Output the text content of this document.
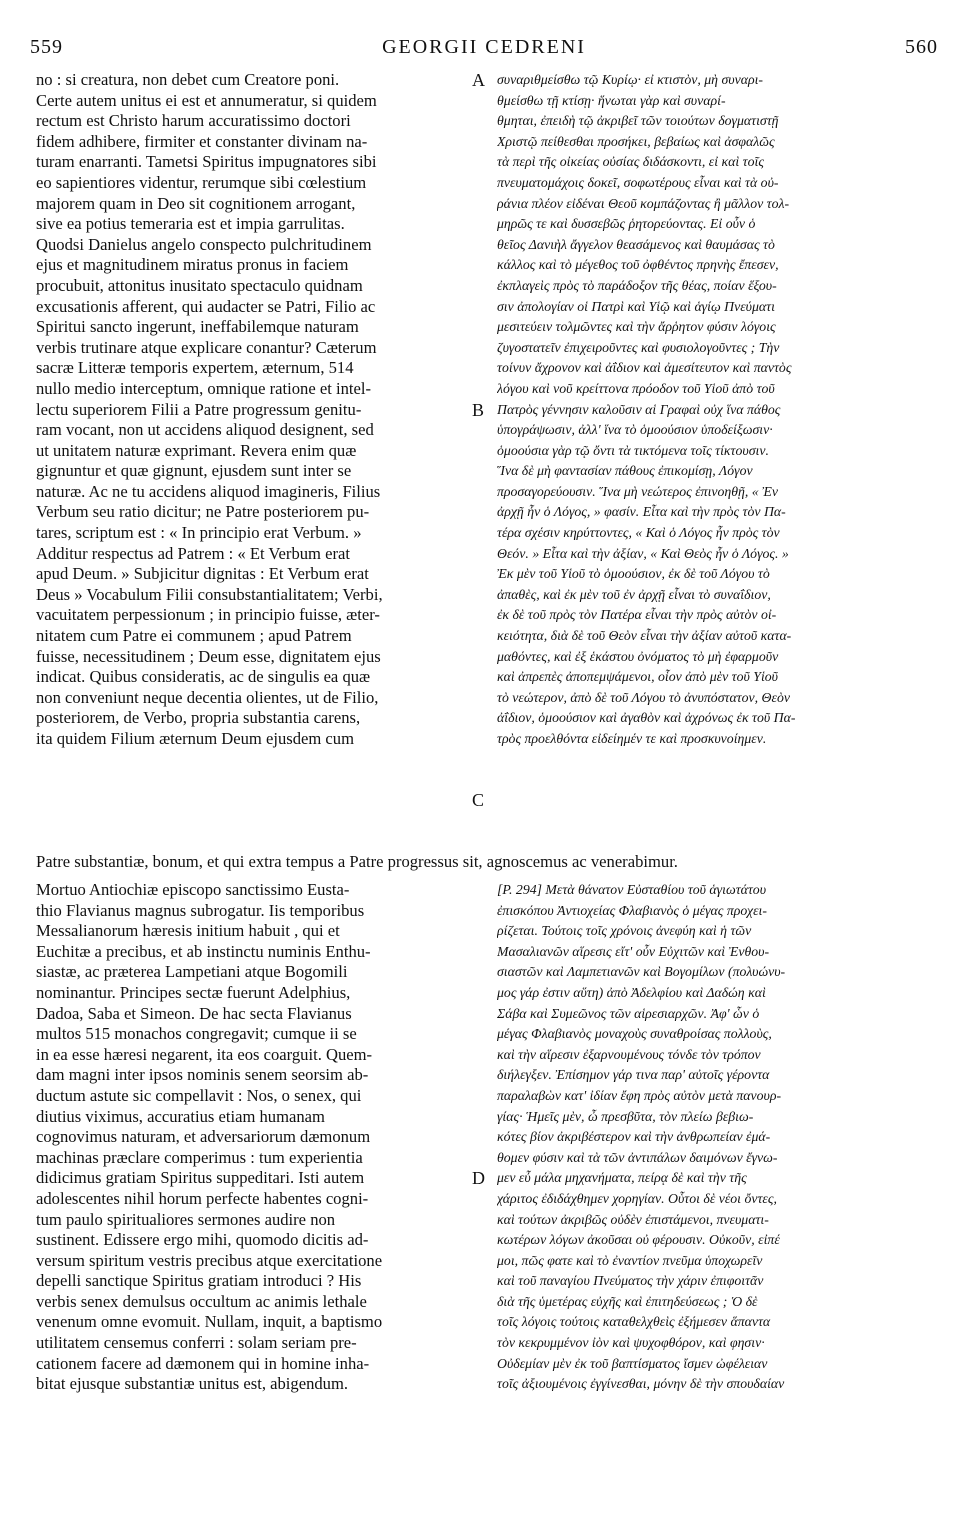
559	GEORGII CEDRENI	560
A
B
C
D
no : si creatura, non debet cum Creatore poni.
Certe autem unitus ei est et annumeratur, si quidem
rectum est Christo harum accuratissimo doctori
fidem adhibere, firmiter et constanter divinam na-
turam enarranti. Tametsi Spiritus impugnatores sibi
eo sapientiores videntur, rerumque sibi cœlestium
majorem quam in Deo sit cognitionem arrogant,
sive ea potius temeraria est et impia garrulitas.
Quodsi Danielus angelo conspecto pulchritudinem
ejus et magnitudinem miratus pronus in faciem
procubuit, attonitus inusitato spectaculo quidnam
excusationis afferent, qui audacter se Patri, Filio ac
Spiritui sancto ingerunt, ineffabilemque naturam
verbis trutinare atque explicare conantur? Cæterum
sacræ Litteræ temporis expertem, æternum, 514
nullo medio interceptum, omnique ratione et intel-
lectu superiorem Filii a Patre progressum genitu-
ram vocant, non ut accidens aliquod designent, sed
ut unitatem naturæ exprimant. Revera enim quæ
gignuntur et quæ gignunt, ejusdem sunt inter se
naturæ. Ac ne tu accidens aliquod imagineris, Filius
Verbum seu ratio dicitur; ne Patre posteriorem pu-
tares, scriptum est : « In principio erat Verbum. »
Additur respectus ad Patrem : « Et Verbum erat
apud Deum. » Subjicitur dignitas : Et Verbum erat
Deus » Vocabulum Filii consubstantialitatem; Verbi,
vacuitatem perpessionum ; in principio fuisse, æter-
nitatem cum Patre ei communem ; apud Patrem
fuisse, necessitudinem ; Deum esse, dignitatem ejus
indicat. Quibus consideratis, ac de singulis ea quæ
non conveniunt neque decentia olientes, ut de Filio,
posteriorem, de Verbo, propria substantia carens,
ita quidem Filium æternum Deum ejusdem cum
συναριθμείσθω τῷ Κυρίῳ· εἰ κτιστὸν, μὴ συναρι-
θμείσθω τῇ κτίσῃ· ἥνωται γὰρ καὶ συναρί-
θμηται, ἐπειδὴ τῷ ἀκριβεῖ τῶν τοιούτων δογματιστῇ
Χριστῷ πείθεσθαι προσήκει, βεβαίως καὶ ἀσφαλῶς
τὰ περὶ τῆς οἰκείας οὐσίας διδάσκοντι, εἰ καὶ τοῖς
πνευματομάχοις δοκεῖ, σοφωτέρους εἶναι καὶ τὰ οὐ-
ράνια πλέον εἰδέναι Θεοῦ κομπάζοντας ἢ μᾶλλον τολ-
μηρῶς τε καὶ δυσσεβῶς ῥητορεύοντας. Εἰ οὖν ὁ
θεῖος Δανιὴλ ἄγγελον θεασάμενος καὶ θαυμάσας τὸ
κάλλος καὶ τὸ μέγεθος τοῦ ὀφθέντος πρηνὴς ἔπεσεν,
ἐκπλαγεὶς πρὸς τὸ παράδοξον τῆς θέας, ποίαν ἕξου-
σιν ἀπολογίαν οἱ Πατρὶ καὶ Υἱῷ καὶ ἁγίῳ Πνεύματι
μεσιτεύειν τολμῶντες καὶ τὴν ἄρῥητον φύσιν λόγοις
ζυγοστατεῖν ἐπιχειροῦντες καὶ φυσιολογοῦντες ; Τὴν
τοίνυν ἄχρονον καὶ ἀΐδιον καὶ ἀμεσίτευτον καὶ παντὸς
λόγου καὶ νοῦ κρείττονα πρόοδον τοῦ Υἱοῦ ἀπὸ τοῦ
Πατρὸς γέννησιν καλοῦσιν αἱ Γραφαὶ οὐχ ἵνα πάθος
ὑπογράψωσιν, ἀλλ' ἵνα τὸ ὁμοούσιον ὑποδείξωσιν·
ὁμοούσια γὰρ τῷ ὄντι τὰ τικτόμενα τοῖς τίκτουσιν.
Ἵνα δὲ μὴ φαντασίαν πάθους ἐπικομίσῃ, Λόγον
προσαγορεύουσιν. Ἵνα μὴ νεώτερος ἐπινοηθῇ, « Ἐν
ἀρχῇ ἦν ὁ Λόγος, » φασίν. Εἶτα καὶ τὴν πρὸς τὸν Πα-
τέρα σχέσιν κηρύττοντες, « Καὶ ὁ Λόγος ἦν πρὸς τὸν
Θεόν. » Εἶτα καὶ τὴν ἀξίαν, « Καὶ Θεὸς ἦν ὁ Λόγος. »
Ἐκ μὲν τοῦ Υἱοῦ τὸ ὁμοούσιον, ἐκ δὲ τοῦ Λόγου τὸ
ἀπαθὲς, καὶ ἐκ μὲν τοῦ ἐν ἀρχῇ εἶναι τὸ συναΐδιον,
ἐκ δὲ τοῦ πρὸς τὸν Πατέρα εἶναι τὴν πρὸς αὐτὸν οἰ-
κειότητα, διὰ δὲ τοῦ Θεὸν εἶναι τὴν ἀξίαν αὐτοῦ κατα-
μαθόντες, καὶ ἐξ ἑκάστου ὀνόματος τὸ μὴ ἐφαρμοῦν
καὶ ἀπρεπὲς ἀποπεμψάμενοι, οἷον ἀπὸ μὲν τοῦ Υἱοῦ
τὸ νεώτερον, ἀπὸ δὲ τοῦ Λόγου τὸ ἀνυπόστατον, Θεὸν
ἀΐδιον, ὁμοούσιον καὶ ἀγαθὸν καὶ ἀχρόνως ἐκ τοῦ Πα-
τρὸς προελθόντα εἰδείημέν τε καὶ προσκυνοίημεν.
Patre substantiæ, bonum, et qui extra tempus a Patre progressus sit, agnoscemus ac venerabimur.
Mortuo Antiochiæ episcopo sanctissimo Eusta-
thio Flavianus magnus subrogatur. Iis temporibus
Messalianorum hæresis initium habuit , qui et
Euchitæ a precibus, et ab instinctu numinis Enthu-
siastæ, ac præterea Lampetiani atque Bogomili
nominantur. Principes sectæ fuerunt Adelphius,
Dadoa, Saba et Simeon. De hac secta Flavianus
multos 515 monachos congregavit; cumque ii se
in ea esse hæresi negarent, ita eos coarguit. Quem-
dam magni inter ipsos nominis senem seorsim ab-
ductum astute sic compellavit : Nos, o senex, qui
diutius viximus, accuratius etiam humanam
cognovimus naturam, et adversariorum dæmonum
machinas præclare comperimus : tum experientia
didicimus gratiam Spiritus suppeditari. Isti autem
adolescentes nihil horum perfecte habentes cogni-
tum paulo spiritualiores sermones audire non
sustinent. Edissere ergo mihi, quomodo dicitis ad-
versum spiritum vestris precibus atque exercitatione
depelli sanctique Spiritus gratiam introduci ? His
verbis senex demulsus occultum ac animis lethale
venenum omne evomuit. Nullam, inquit, a baptismo
utilitatem censemus conferri : solam seriam pre-
cationem facere ad dæmonem qui in homine inha-
bitat ejusque substantiæ unitus est, abigendum.
[P. 294] Μετὰ θάνατον Εὐσταθίου τοῦ ἁγιωτάτου
ἐπισκόπου Ἀντιοχείας Φλαβιανὸς ὁ μέγας προχει-
ρίζεται. Τούτοις τοῖς χρόνοις ἀνεφύη καὶ ἡ τῶν
Μασαλιανῶν αἵρεσις εἴτ' οὖν Εὐχιτῶν καὶ Ἐνθου-
σιαστῶν καὶ Λαμπετιανῶν καὶ Βογομίλων (πολυώνυ-
μος γάρ ἐστιν αὕτη) ἀπὸ Ἀδελφίου καὶ Δαδώη καὶ
Σάβα καὶ Συμεῶνος τῶν αἱρεσιαρχῶν. Ἀφ' ὧν ὁ
μέγας Φλαβιανὸς μοναχοὺς συναθροίσας πολλοὺς,
καὶ τὴν αἵρεσιν ἐξαρνουμένους τόνδε τὸν τρόπον
διήλεγξεν. Ἐπίσημον γάρ τινα παρ' αὐτοῖς γέροντα
παραλαβὼν κατ' ἰδίαν ἔφη πρὸς αὐτὸν μετὰ πανουρ-
γίας· Ἡμεῖς μὲν, ὦ πρεσβῦτα, τὸν πλείω βεβιω-
κότες βίον ἀκριβέστερον καὶ τὴν ἀνθρωπείαν ἐμά-
θομεν φύσιν καὶ τὰ τῶν ἀντιπάλων δαιμόνων ἔγνω-
μεν εὖ μάλα μηχανήματα, πείρᾳ δὲ καὶ τὴν τῆς
χάριτος ἐδιδάχθημεν χορηγίαν. Οὗτοι δὲ νέοι ὄντες,
καὶ τούτων ἀκριβῶς οὐδὲν ἐπιστάμενοι, πνευματι-
κωτέρων λόγων ἀκοῦσαι οὐ φέρουσιν. Οὐκοῦν, εἰπέ
μοι, πῶς φατε καὶ τὸ ἐναντίον πνεῦμα ὑποχωρεῖν
καὶ τοῦ παναγίου Πνεύματος τὴν χάριν ἐπιφοιτᾶν
διὰ τῆς ὑμετέρας εὐχῆς καὶ ἐπιτηδεύσεως ; Ὁ δὲ
τοῖς λόγοις τούτοις καταθελχθεὶς ἐξήμεσεν ἅπαντα
τὸν κεκρυμμένον ἰὸν καὶ ψυχοφθόρον, καὶ φησιν·
Οὐδεμίαν μὲν ἐκ τοῦ βαπτίσματος ἴσμεν ὠφέλειαν
τοῖς ἀξιουμένοις ἐγγίνεσθαι, μόνην δὲ τὴν σπουδαίαν
